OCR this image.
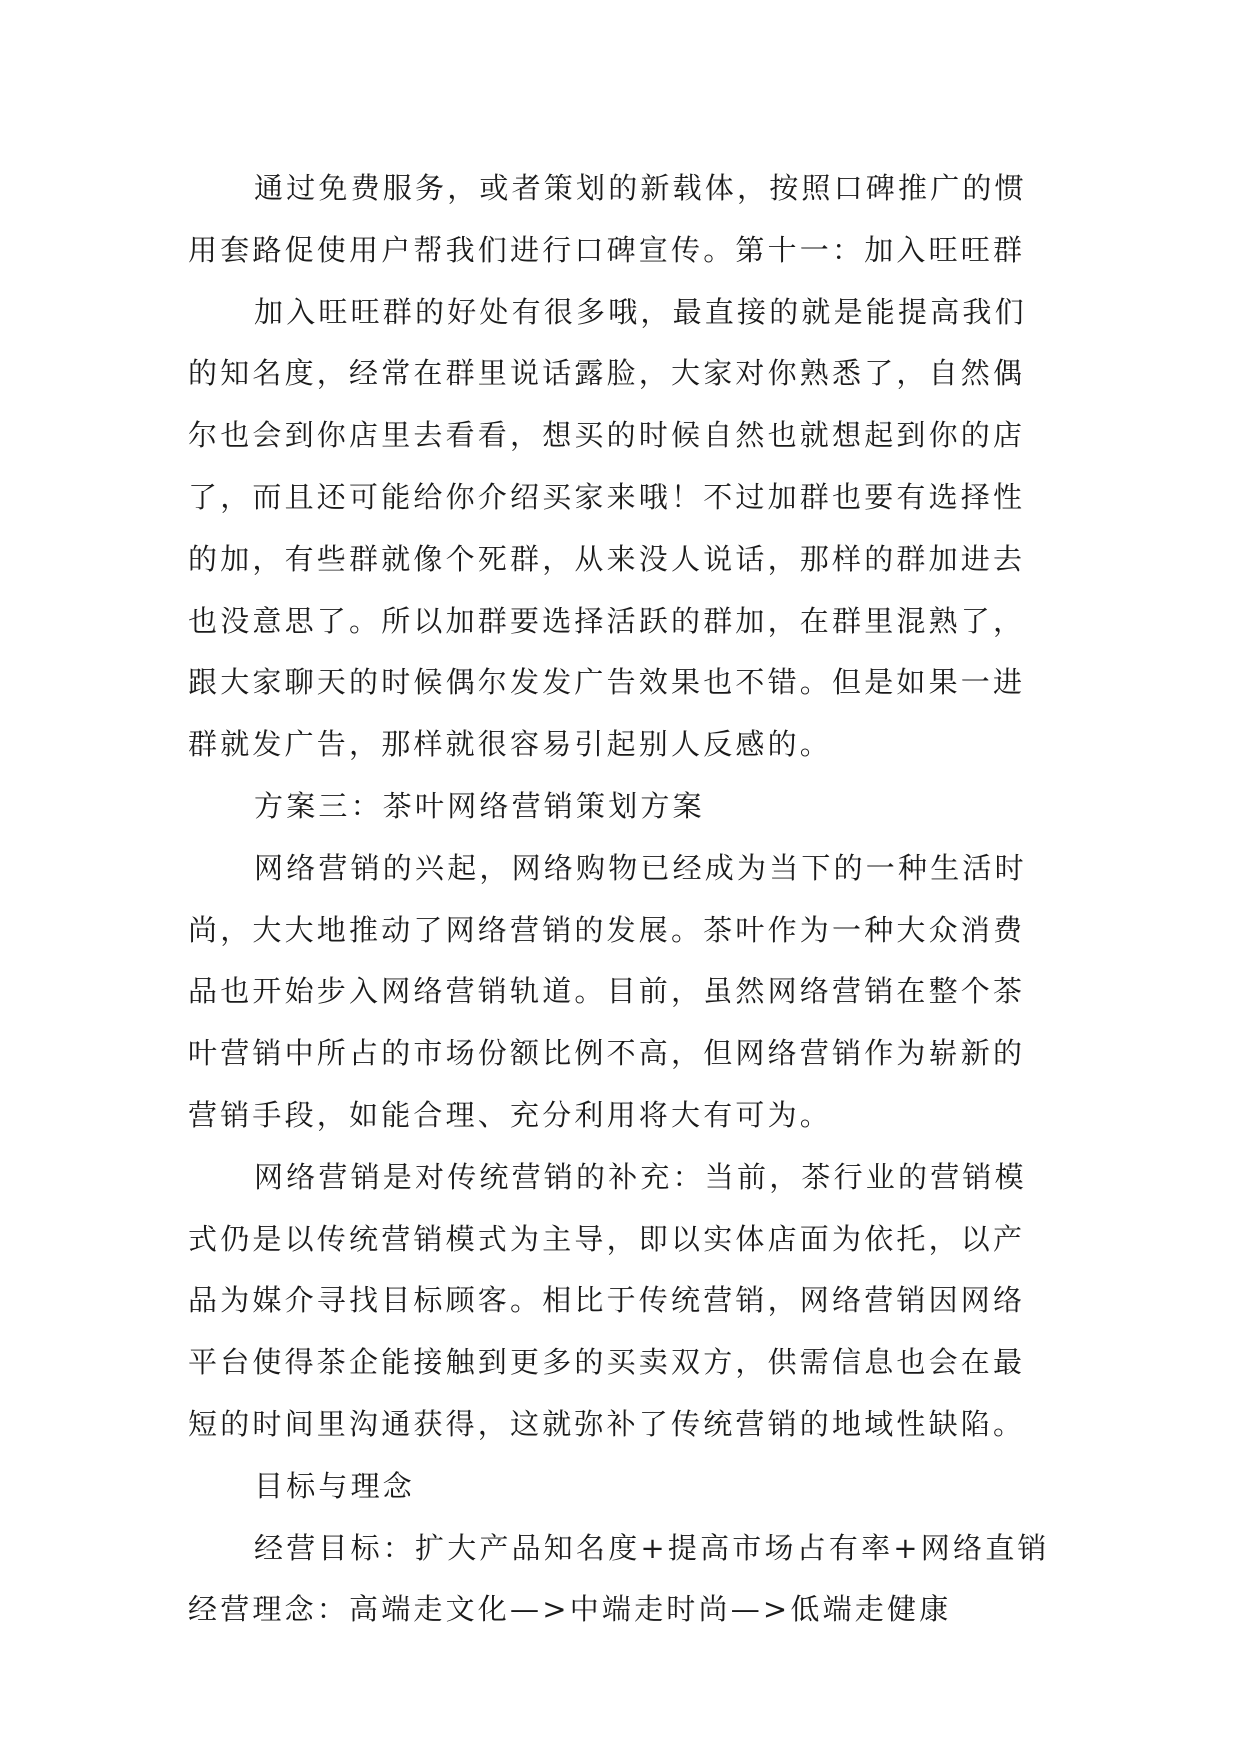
通过免费服务，或者策划的新载体，按照口碑推广的惯
用套路促使用户帮我们进行口碑宣传。第十一：加入旺旺群
加入旺旺群的好处有很多哦，最直接的就是能提高我们
的知名度，经常在群里说话露脸，大家对你熟悉了，自然偶
尔也会到你店里去看看，想买的时候自然也就想起到你的店
了，而且还可能给你介绍买家来哦！不过加群也要有选择性
的加，有些群就像个死群，从来没人说话，那样的群加进去
也没意思了。所以加群要选择活跃的群加，在群里混熟了，
跟大家聊天的时候偶尔发发广告效果也不错。但是如果一进
群就发广告，那样就很容易引起别人反感的。
方案三：茶叶网络营销策划方案
网络营销的兴起，网络购物已经成为当下的一种生活时
尚，大大地推动了网络营销的发展。茶叶作为一种大众消费
品也开始步入网络营销轨道。目前，虽然网络营销在整个茶
叶营销中所占的市场份额比例不高，但网络营销作为崭新的
营销手段，如能合理、充分利用将大有可为。
网络营销是对传统营销的补充：当前，茶行业的营销模
式仍是以传统营销模式为主导，即以实体店面为依托，以产
品为媒介寻找目标顾客。相比于传统营销，网络营销因网络
平台使得茶企能接触到更多的买卖双方，供需信息也会在最
短的时间里沟通获得，这就弥补了传统营销的地域性缺陷。
目标与理念
经营目标：扩大产品知名度+提高市场占有率+网络直销
经营理念：高端走文化—>中端走时尚—>低端走健康
